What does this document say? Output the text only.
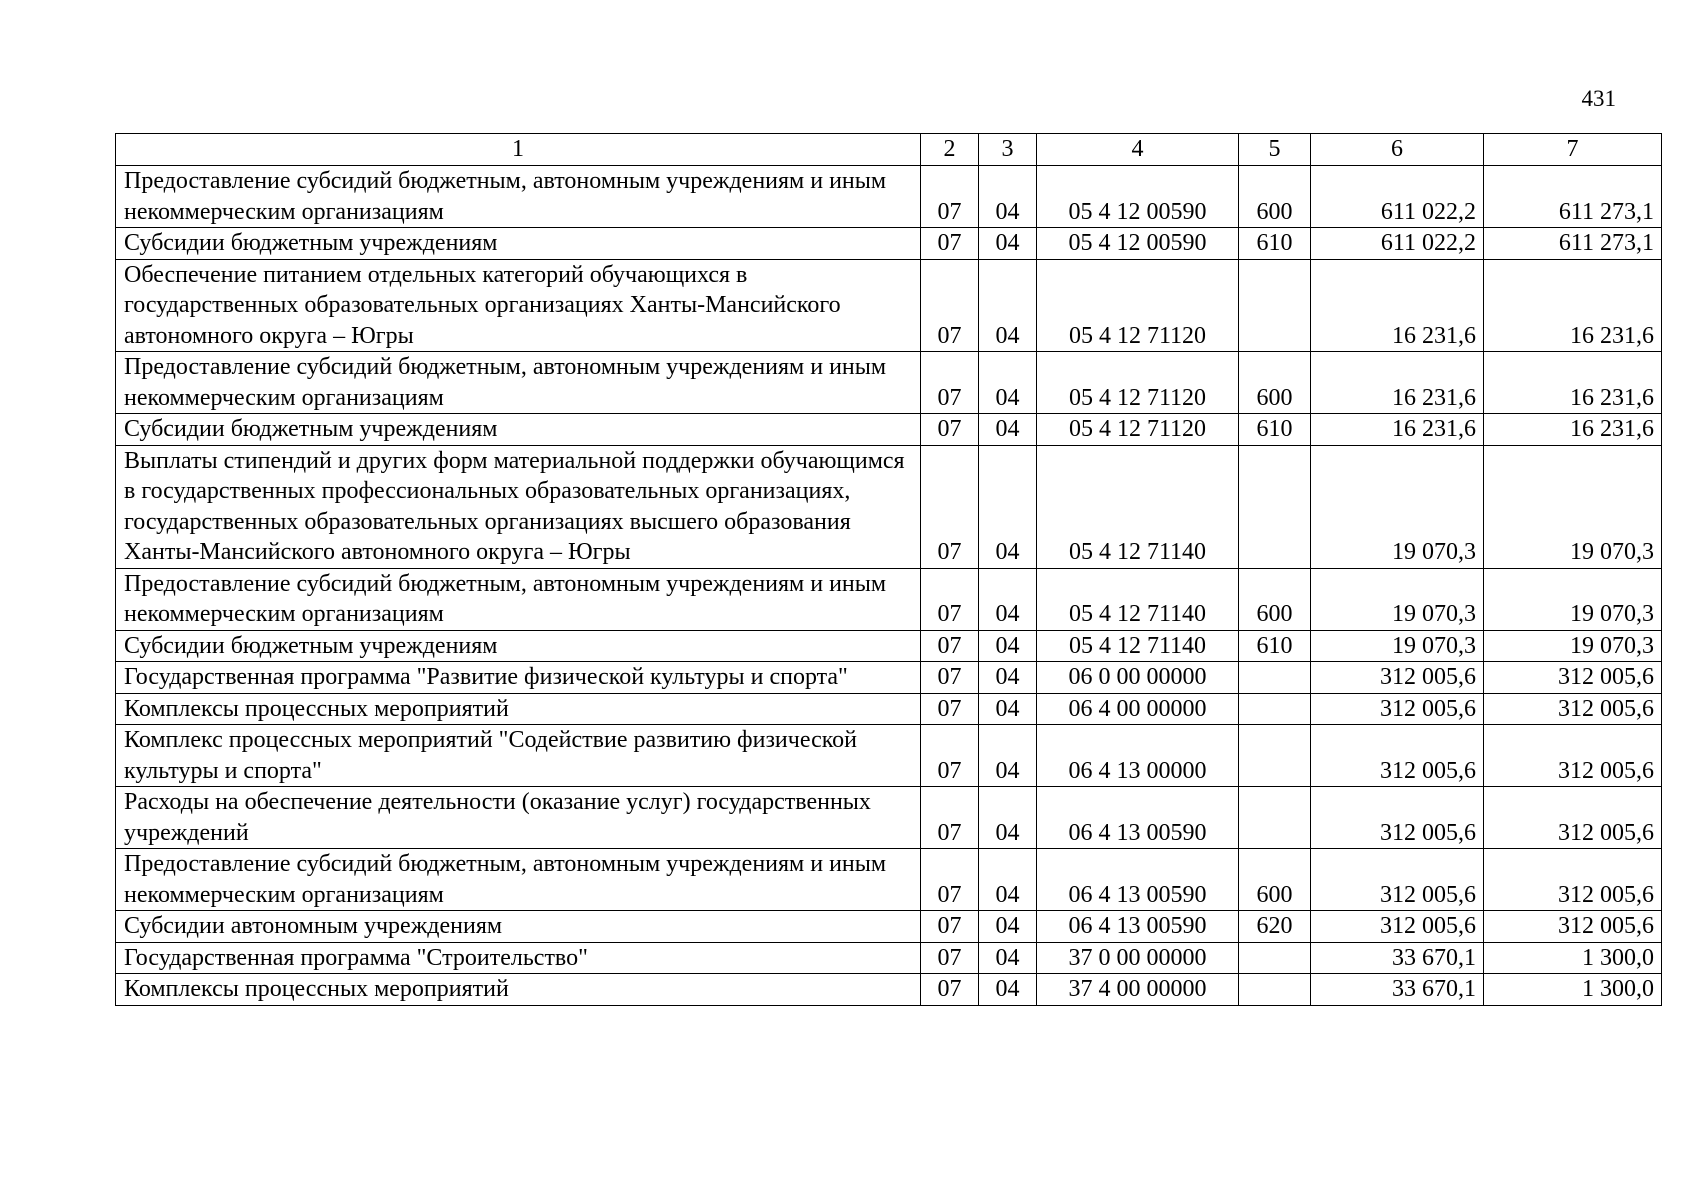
431
1	2	3	4	5	6	7
Предоставление субсидий бюджетным, автономным учреждениям и иным некоммерческим организациям	07	04	05 4 12 00590	600	611 022,2	611 273,1
Субсидии бюджетным учреждениям	07	04	05 4 12 00590	610	611 022,2	611 273,1
Обеспечение питанием отдельных категорий обучающихся в государственных образовательных организациях Ханты-Мансийского автономного округа – Югры	07	04	05 4 12 71120		16 231,6	16 231,6
Предоставление субсидий бюджетным, автономным учреждениям и иным некоммерческим организациям	07	04	05 4 12 71120	600	16 231,6	16 231,6
Субсидии бюджетным учреждениям	07	04	05 4 12 71120	610	16 231,6	16 231,6
Выплаты стипендий и других форм материальной поддержки обучающимся в государственных профессиональных образовательных организациях, государственных образовательных организациях высшего образования Ханты-Мансийского автономного округа – Югры	07	04	05 4 12 71140		19 070,3	19 070,3
Предоставление субсидий бюджетным, автономным учреждениям и иным некоммерческим организациям	07	04	05 4 12 71140	600	19 070,3	19 070,3
Субсидии бюджетным учреждениям	07	04	05 4 12 71140	610	19 070,3	19 070,3
Государственная программа "Развитие физической культуры и спорта"	07	04	06 0 00 00000		312 005,6	312 005,6
Комплексы процессных мероприятий	07	04	06 4 00 00000		312 005,6	312 005,6
Комплекс процессных мероприятий "Содействие развитию физической культуры и спорта"	07	04	06 4 13 00000		312 005,6	312 005,6
Расходы на обеспечение деятельности (оказание услуг) государственных учреждений	07	04	06 4 13 00590		312 005,6	312 005,6
Предоставление субсидий бюджетным, автономным учреждениям и иным некоммерческим организациям	07	04	06 4 13 00590	600	312 005,6	312 005,6
Субсидии автономным учреждениям	07	04	06 4 13 00590	620	312 005,6	312 005,6
Государственная программа "Строительство"	07	04	37 0 00 00000		33 670,1	1 300,0
Комплексы процессных мероприятий	07	04	37 4 00 00000		33 670,1	1 300,0
